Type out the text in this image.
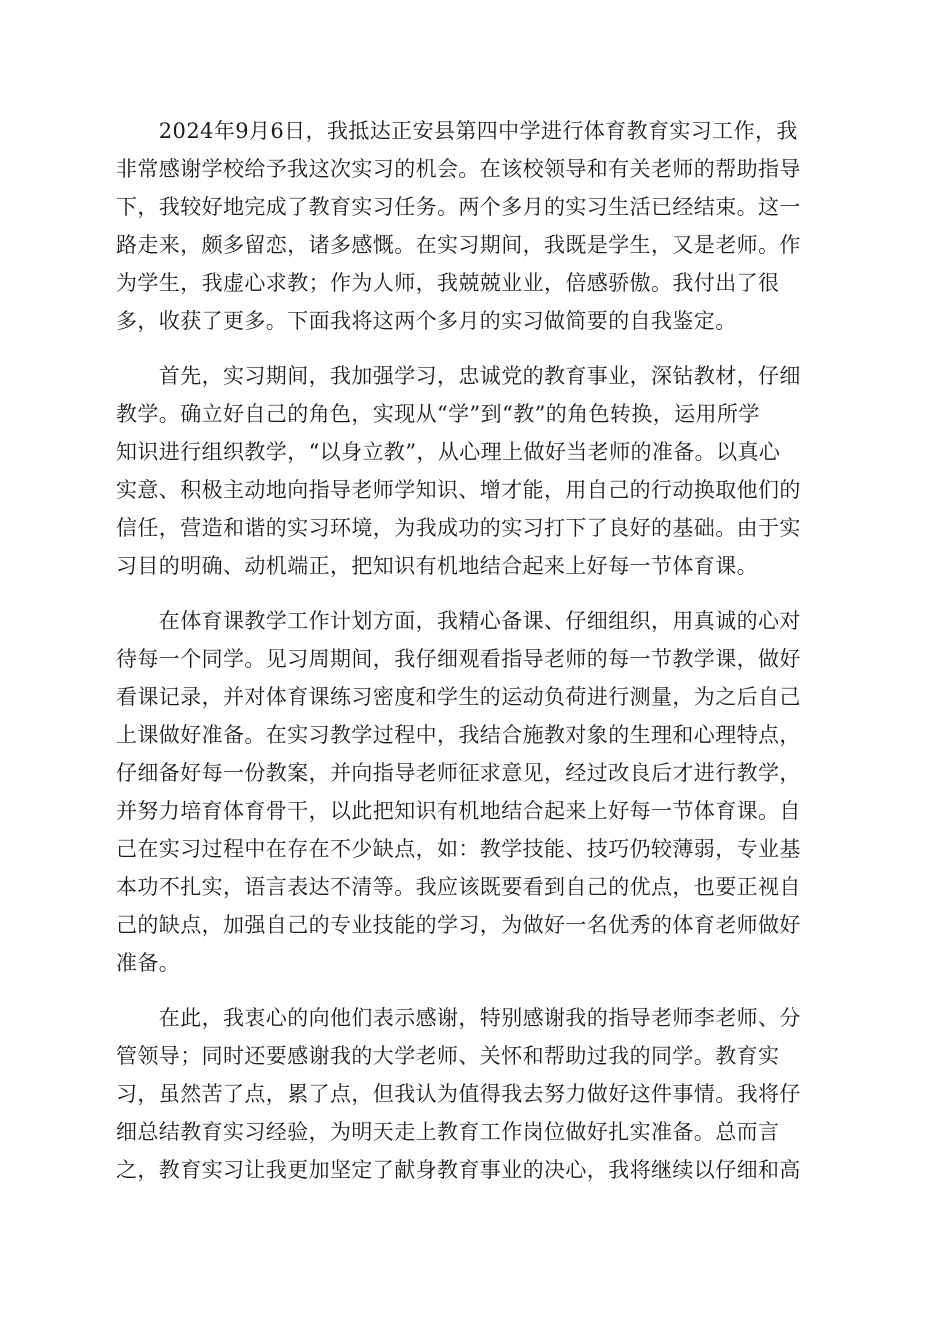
　　2024年9月6日，我抵达正安县第四中学进行体育教育实习工作，我
非常感谢学校给予我这次实习的机会。在该校领导和有关老师的帮助指导
下，我较好地完成了教育实习任务。两个多月的实习生活已经结束。这一
路走来，颇多留恋，诸多感慨。在实习期间，我既是学生，又是老师。作
为学生，我虚心求教；作为人师，我兢兢业业，倍感骄傲。我付出了很
多，收获了更多。下面我将这两个多月的实习做简要的自我鉴定。
　　首先，实习期间，我加强学习，忠诚党的教育事业，深钻教材，仔细
教学。确立好自己的角色，实现从“学”到“教”的角色转换，运用所学
知识进行组织教学，“以身立教”，从心理上做好当老师的准备。以真心
实意、积极主动地向指导老师学知识、增才能，用自己的行动换取他们的
信任，营造和谐的实习环境，为我成功的实习打下了良好的基础。由于实
习目的明确、动机端正，把知识有机地结合起来上好每一节体育课。
　　在体育课教学工作计划方面，我精心备课、仔细组织，用真诚的心对
待每一个同学。见习周期间，我仔细观看指导老师的每一节教学课，做好
看课记录，并对体育课练习密度和学生的运动负荷进行测量，为之后自己
上课做好准备。在实习教学过程中，我结合施教对象的生理和心理特点，
仔细备好每一份教案，并向指导老师征求意见，经过改良后才进行教学，
并努力培育体育骨干，以此把知识有机地结合起来上好每一节体育课。自
己在实习过程中在存在不少缺点，如：教学技能、技巧仍较薄弱，专业基
本功不扎实，语言表达不清等。我应该既要看到自己的优点，也要正视自
己的缺点，加强自己的专业技能的学习，为做好一名优秀的体育老师做好
准备。
　　在此，我衷心的向他们表示感谢，特别感谢我的指导老师李老师、分
管领导；同时还要感谢我的大学老师、关怀和帮助过我的同学。教育实
习，虽然苦了点，累了点，但我认为值得我去努力做好这件事情。我将仔
细总结教育实习经验，为明天走上教育工作岗位做好扎实准备。总而言
之，教育实习让我更加坚定了献身教育事业的决心，我将继续以仔细和高
